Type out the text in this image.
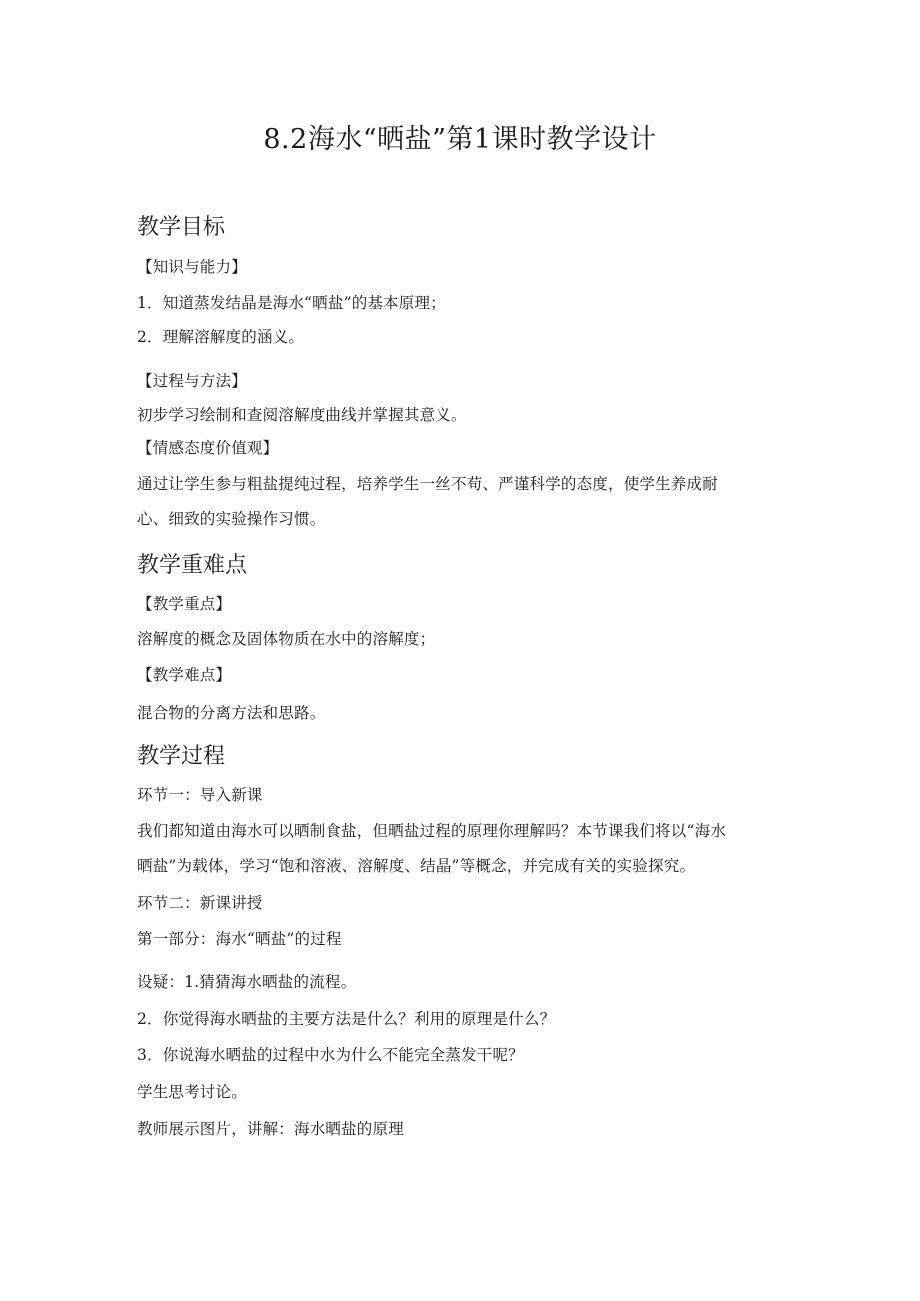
8.2海水“晒盐”第1课时教学设计
教学目标
【知识与能力】
1．知道蒸发结晶是海水“晒盐”的基本原理；
2．理解溶解度的涵义。
【过程与方法】
初步学习绘制和查阅溶解度曲线并掌握其意义。
【情感态度价值观】
通过让学生参与粗盐提纯过程，培养学生一丝不苟、严谨科学的态度，使学生养成耐
心、细致的实验操作习惯。
教学重难点
【教学重点】
溶解度的概念及固体物质在水中的溶解度；
【教学难点】
混合物的分离方法和思路。
教学过程
环节一：导入新课
我们都知道由海水可以晒制食盐，但晒盐过程的原理你理解吗？本节课我们将以“海水
晒盐”为载体，学习“饱和溶液、溶解度、结晶”等概念，并完成有关的实验探究。
环节二：新课讲授
第一部分：海水“晒盐”的过程
设疑：1.猜猜海水晒盐的流程。
2．你觉得海水晒盐的主要方法是什么？利用的原理是什么？
3．你说海水晒盐的过程中水为什么不能完全蒸发干呢？
学生思考讨论。
教师展示图片，讲解：海水晒盐的原理
